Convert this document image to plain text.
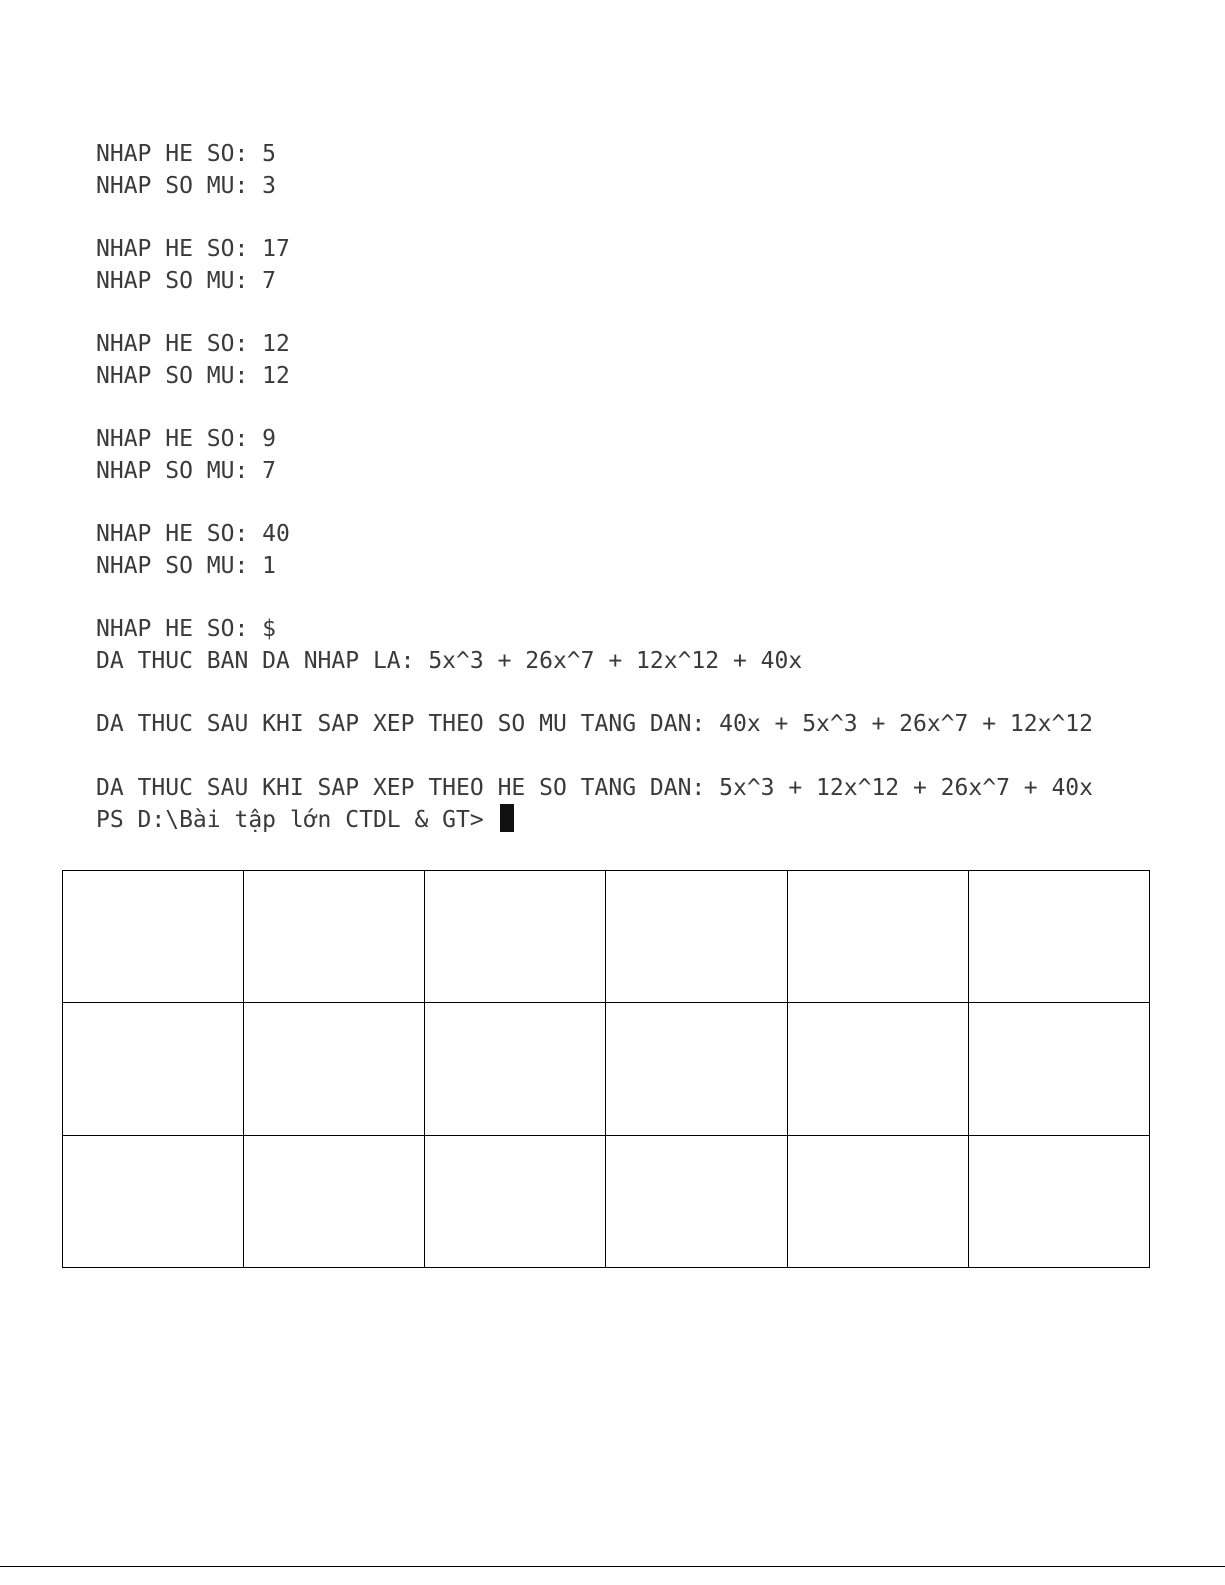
NHAP HE SO: 5
NHAP SO MU: 3
NHAP HE SO: 17
NHAP SO MU: 7
NHAP HE SO: 12
NHAP SO MU: 12
NHAP HE SO: 9
NHAP SO MU: 7
NHAP HE SO: 40
NHAP SO MU: 1
NHAP HE SO: $
DA THUC BAN DA NHAP LA: 5x^3 + 26x^7 + 12x^12 + 40x
DA THUC SAU KHI SAP XEP THEO SO MU TANG DAN: 40x + 5x^3 + 26x^7 + 12x^12
DA THUC SAU KHI SAP XEP THEO HE SO TANG DAN: 5x^3 + 12x^12 + 26x^7 + 40x
PS D:\Bài tập lớn CTDL & GT>
